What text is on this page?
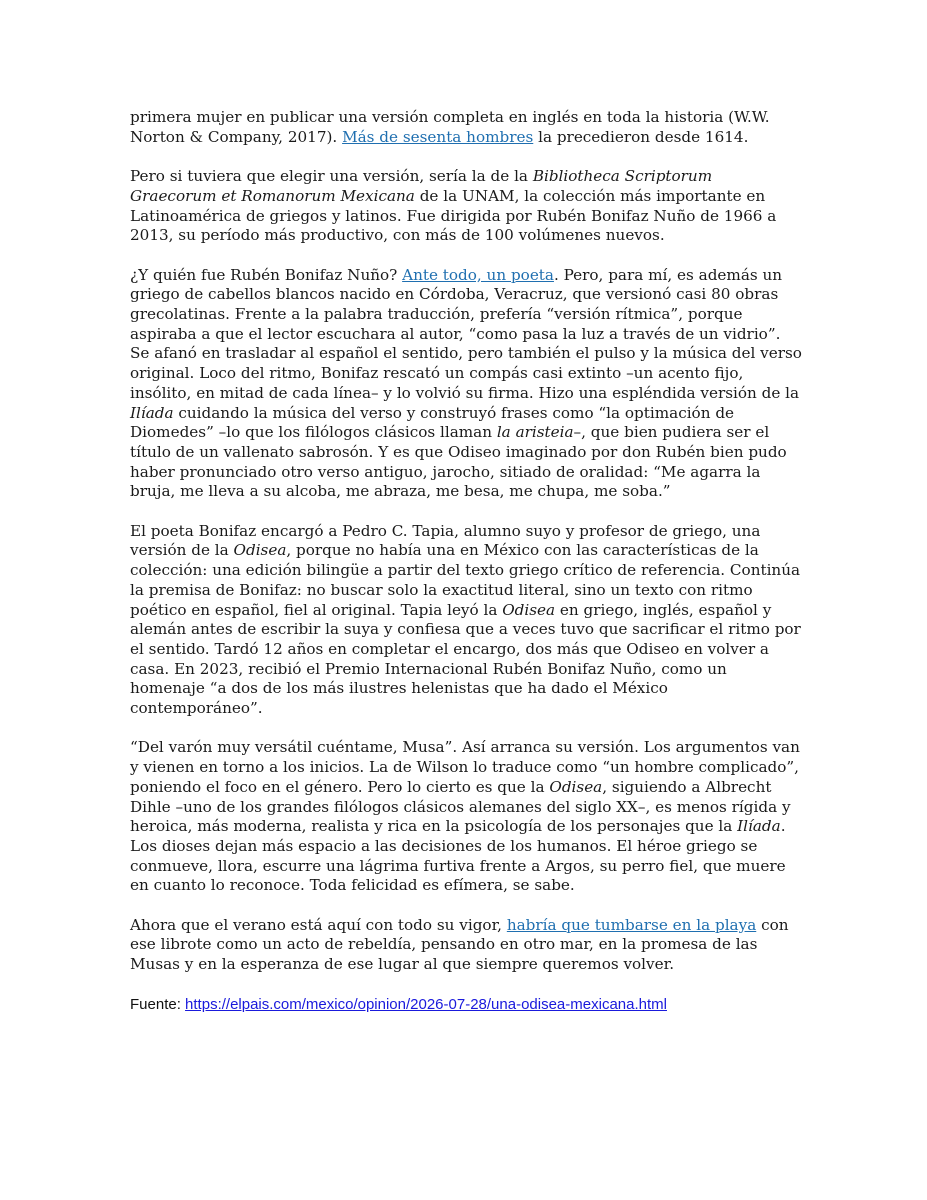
primera mujer en publicar una versión completa en inglés en toda la historia (W.W. Norton & Company, 2017). Más de sesenta hombres la precedieron desde 1614.

Pero si tuviera que elegir una versión, sería la de la Bibliotheca Scriptorum Graecorum et Romanorum Mexicana de la UNAM, la colección más importante en Latinoamérica de griegos y latinos. Fue dirigida por Rubén Bonifaz Nuño de 1966 a 2013, su período más productivo, con más de 100 volúmenes nuevos.

¿Y quién fue Rubén Bonifaz Nuño? Ante todo, un poeta. Pero, para mí, es además un griego de cabellos blancos nacido en Córdoba, Veracruz, que versionó casi 80 obras grecolatinas. Frente a la palabra traducción, prefería “versión rítmica”, porque aspiraba a que el lector escuchara al autor, “como pasa la luz a través de un vidrio”. Se afanó en trasladar al español el sentido, pero también el pulso y la música del verso original. Loco del ritmo, Bonifaz rescató un compás casi extinto –un acento fijo, insólito, en mitad de cada línea– y lo volvió su firma. Hizo una espléndida versión de la Ilíada cuidando la música del verso y construyó frases como “la optimación de Diomedes” –lo que los filólogos clásicos llaman la aristeia–, que bien pudiera ser el título de un vallenato sabrosón. Y es que Odiseo imaginado por don Rubén bien pudo haber pronunciado otro verso antiguo, jarocho, sitiado de oralidad: “Me agarra la bruja, me lleva a su alcoba, me abraza, me besa, me chupa, me soba.”

El poeta Bonifaz encargó a Pedro C. Tapia, alumno suyo y profesor de griego, una versión de la Odisea, porque no había una en México con las características de la colección: una edición bilingüe a partir del texto griego crítico de referencia. Continúa la premisa de Bonifaz: no buscar solo la exactitud literal, sino un texto con ritmo poético en español, fiel al original. Tapia leyó la Odisea en griego, inglés, español y alemán antes de escribir la suya y confiesa que a veces tuvo que sacrificar el ritmo por el sentido. Tardó 12 años en completar el encargo, dos más que Odiseo en volver a casa. En 2023, recibió el Premio Internacional Rubén Bonifaz Nuño, como un homenaje “a dos de los más ilustres helenistas que ha dado el México contemporáneo”.

“Del varón muy versátil cuéntame, Musa”. Así arranca su versión. Los argumentos van y vienen en torno a los inicios. La de Wilson lo traduce como “un hombre complicado”, poniendo el foco en el género. Pero lo cierto es que la Odisea, siguiendo a Albrecht Dihle –uno de los grandes filólogos clásicos alemanes del siglo XX–, es menos rígida y heroica, más moderna, realista y rica en la psicología de los personajes que la Ilíada. Los dioses dejan más espacio a las decisiones de los humanos. El héroe griego se conmueve, llora, escurre una lágrima furtiva frente a Argos, su perro fiel, que muere en cuanto lo reconoce. Toda felicidad es efímera, se sabe.

Ahora que el verano está aquí con todo su vigor, habría que tumbarse en la playa con ese librote como un acto de rebeldía, pensando en otro mar, en la promesa de las Musas y en la esperanza de ese lugar al que siempre queremos volver.

Fuente: https://elpais.com/mexico/opinion/2026-07-28/una-odisea-mexicana.html
